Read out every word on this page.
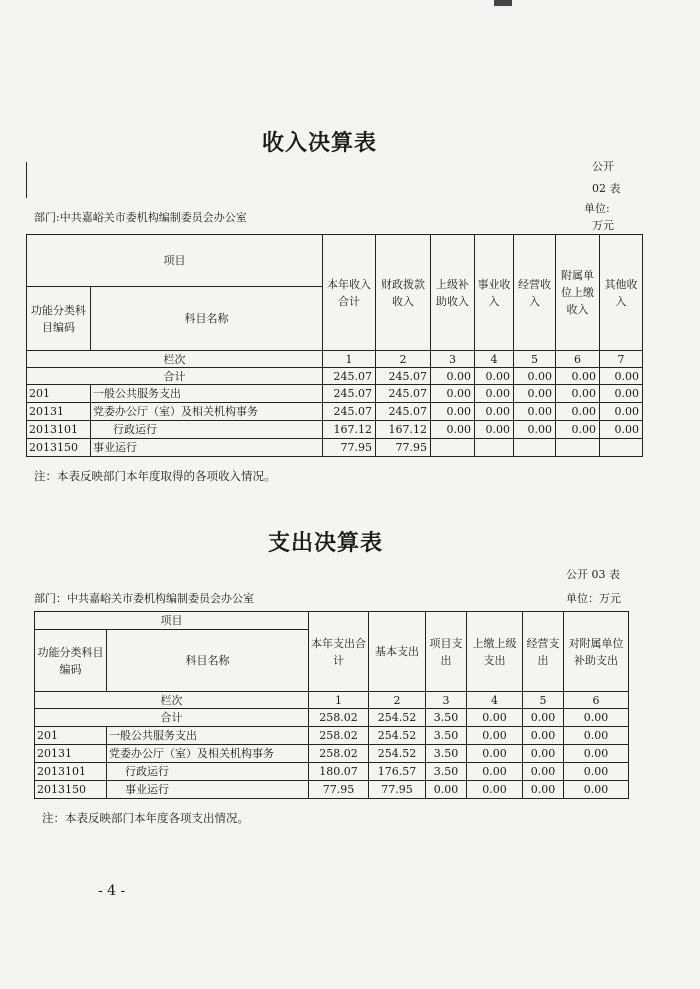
收入决算表
公开
02 表
单位:
万元
部门:中共嘉峪关市委机构编制委员会办公室
项目		本年收入合计	财政拨款收入	上级补助收入	事业收入	经营收入	附属单位上缴收入	其他收入
功能分类科目编码	科目名称							
栏次		1	2	3	4	5	6	7
合计		245.07	245.07	0.00	0.00	0.00	0.00	0.00
201	一般公共服务支出	245.07	245.07	0.00	0.00	0.00	0.00	0.00
20131	党委办公厅（室）及相关机构事务	245.07	245.07	0.00	0.00	0.00	0.00	0.00
2013101	行政运行	167.12	167.12	0.00	0.00	0.00	0.00	0.00
2013150	事业运行	77.95	77.95					
注：本表反映部门本年度取得的各项收入情况。
支出决算表
公开 03 表
单位：万元
部门：中共嘉峪关市委机构编制委员会办公室
项目		本年支出合计	基本支出	项目支出	上缴上级支出	经营支出	对附属单位补助支出
功能分类科目编码	科目名称						
栏次		1	2	3	4	5	6
合计		258.02	254.52	3.50	0.00	0.00	0.00
201	一般公共服务支出	258.02	254.52	3.50	0.00	0.00	0.00
20131	党委办公厅（室）及相关机构事务	258.02	254.52	3.50	0.00	0.00	0.00
2013101	行政运行	180.07	176.57	3.50	0.00	0.00	0.00
2013150	事业运行	77.95	77.95	0.00	0.00	0.00	0.00
注：本表反映部门本年度各项支出情况。
- 4 -
